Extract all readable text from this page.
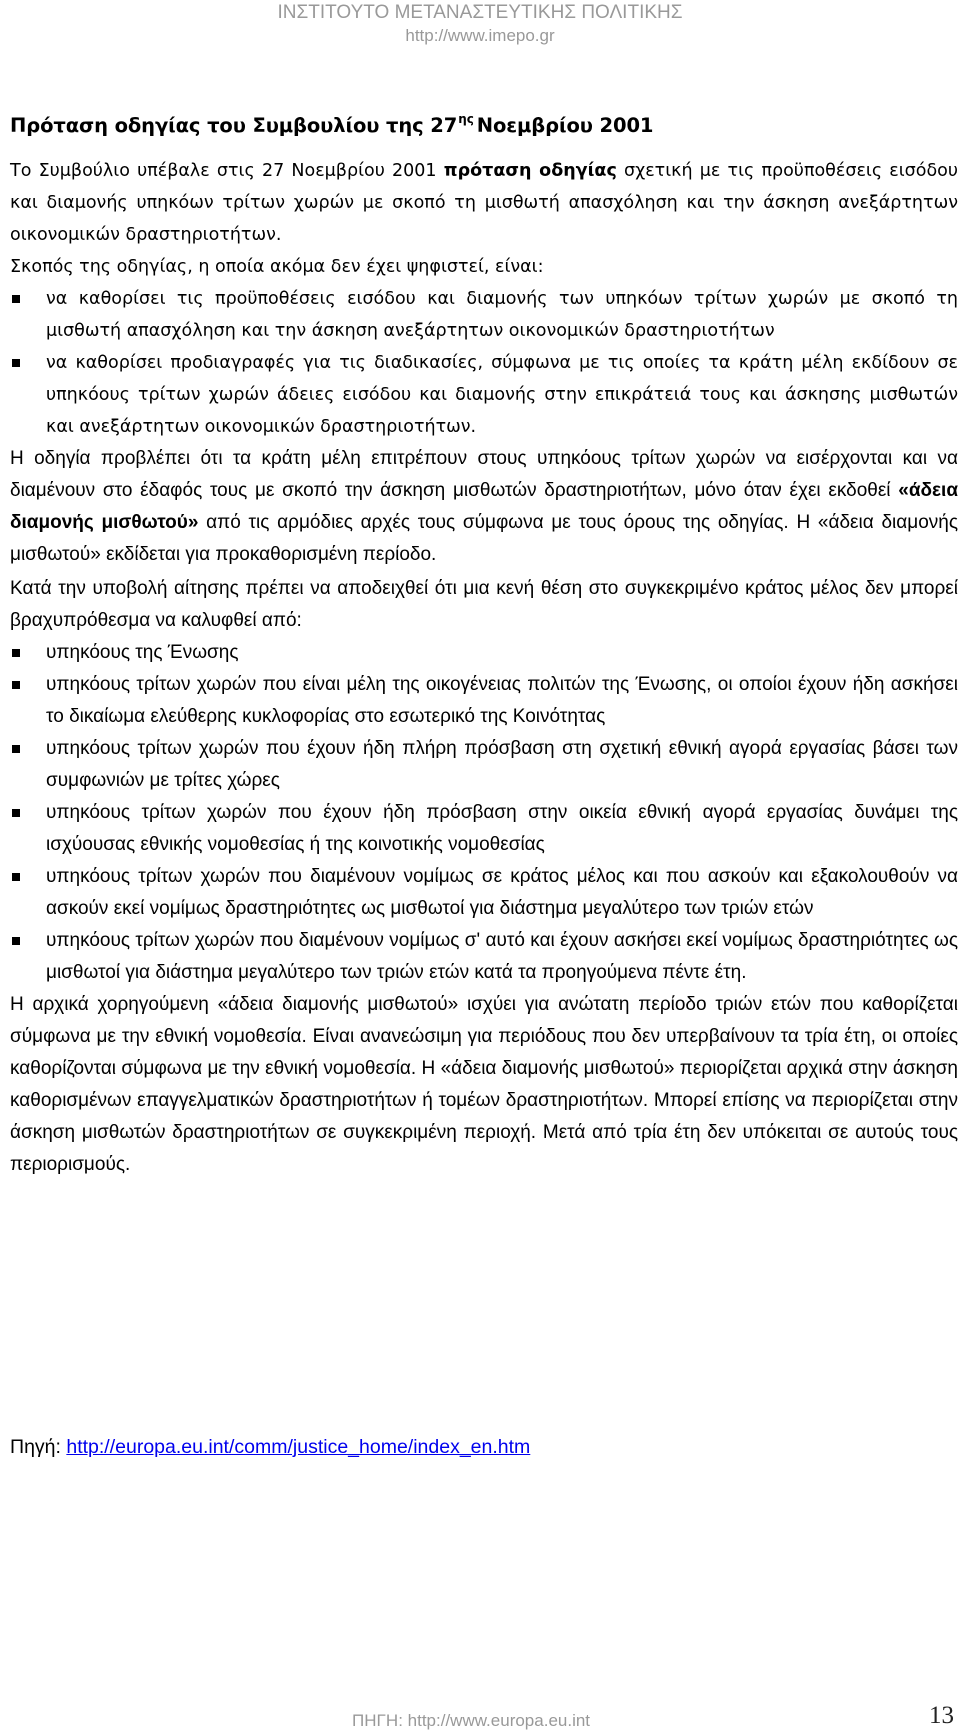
ΙΝΣΤΙΤΟΥΤΟ ΜΕΤΑΝΑΣΤΕΥΤΙΚΗΣ ΠΟΛΙΤΙΚΗΣ

http://www.imepo.gr

Πρόταση οδηγίας του Συμβουλίου της $27^{\eta\varsigma}$ Νοεμβρίου 2001

Το Συμβούλιο υπέβαλε στις 27 Νοεμβρίου 2001 πρόταση οδηγίας σχετική με τις προϋποθέσεις εισόδου και διαμονής υπηκόων τρίτων χωρών με σκοπό τη μισθωτή απασχόληση και την άσκηση ανεξάρτητων οικονομικών δραστηριοτήτων.

Σκοπός της οδηγίας, η οποία ακόμα δεν έχει ψηφιστεί, είναι:

να καθορίσει τις προϋποθέσεις εισόδου και διαμονής των υπηκόων τρίτων χωρών με σκοπό τη μισθωτή απασχόληση και την άσκηση ανεξάρτητων οικονομικών δραστηριοτήτων
να καθορίσει προδιαγραφές για τις διαδικασίες, σύμφωνα με τις οποίες τα κράτη μέλη εκδίδουν σε υπηκόους τρίτων χωρών άδειες εισόδου και διαμονής στην επικράτειά τους και άσκησης μισθωτών και ανεξάρτητων οικονομικών δραστηριοτήτων.

Η οδηγία προβλέπει ότι τα κράτη μέλη επιτρέπουν στους υπηκόους τρίτων χωρών να εισέρχονται και να διαμένουν στο έδαφός τους με σκοπό την άσκηση μισθωτών δραστηριοτήτων, μόνο όταν έχει εκδοθεί «άδεια διαμονής μισθωτού» από τις αρμόδιες αρχές τους σύμφωνα με τους όρους της οδηγίας. Η «άδεια διαμονής μισθωτού» εκδίδεται για προκαθορισμένη περίοδο.

Κατά την υποβολή αίτησης πρέπει να αποδειχθεί ότι μια κενή θέση στο συγκεκριμένο κράτος μέλος δεν μπορεί βραχυπρόθεσμα να καλυφθεί από:

υπηκόους της Ένωσης
υπηκόους τρίτων χωρών που είναι μέλη της οικογένειας πολιτών της Ένωσης, οι οποίοι έχουν ήδη ασκήσει το δικαίωμα ελεύθερης κυκλοφορίας στο εσωτερικό της Κοινότητας
υπηκόους τρίτων χωρών που έχουν ήδη πλήρη πρόσβαση στη σχετική εθνική αγορά εργασίας βάσει των συμφωνιών με τρίτες χώρες
υπηκόους τρίτων χωρών που έχουν ήδη πρόσβαση στην οικεία εθνική αγορά εργασίας δυνάμει της ισχύουσας εθνικής νομοθεσίας ή της κοινοτικής νομοθεσίας
υπηκόους τρίτων χωρών που διαμένουν νομίμως σε κράτος μέλος και που ασκούν και εξακολουθούν να ασκούν εκεί νομίμως δραστηριότητες ως μισθωτοί για διάστημα μεγαλύτερο των τριών ετών
υπηκόους τρίτων χωρών που διαμένουν νομίμως σ' αυτό και έχουν ασκήσει εκεί νομίμως δραστηριότητες ως μισθωτοί για διάστημα μεγαλύτερο των τριών ετών κατά τα προηγούμενα πέντε έτη.

Η αρχικά χορηγούμενη «άδεια διαμονής μισθωτού» ισχύει για ανώτατη περίοδο τριών ετών που καθορίζεται σύμφωνα με την εθνική νομοθεσία. Είναι ανανεώσιμη για περιόδους που δεν υπερβαίνουν τα τρία έτη, οι οποίες καθορίζονται σύμφωνα με την εθνική νομοθεσία. Η «άδεια διαμονής μισθωτού» περιορίζεται αρχικά στην άσκηση καθορισμένων επαγγελματικών δραστηριοτήτων ή τομέων δραστηριοτήτων. Μπορεί επίσης να περιορίζεται στην άσκηση μισθωτών δραστηριοτήτων σε συγκεκριμένη περιοχή. Μετά από τρία έτη δεν υπόκειται σε αυτούς τους περιορισμούς.

Πηγή: http://europa.eu.int/comm/justice_home/index_en.htm

ΠΗΓΗ: http://www.europa.eu.int	13
